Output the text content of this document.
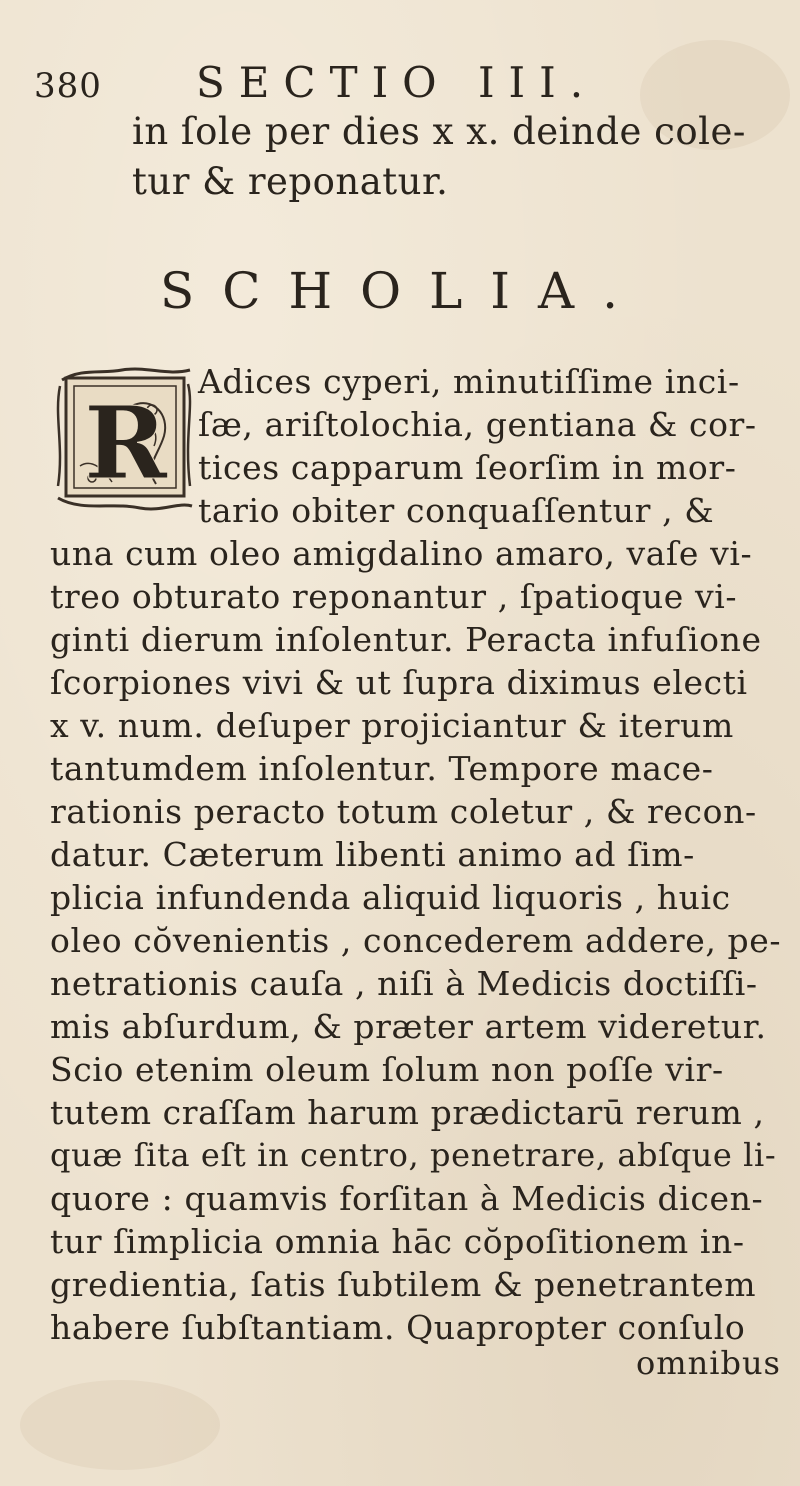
380 SECTIO III.
in ſole per dies x x. deinde cole-
tur & reponatur.
SCHOLIA.
R
Adices cyperi, minutiſſime inci-
ſæ, ariſtolochia, gentiana & cor-
tices capparum ſeorſim in mor-
tario obiter conquaſſentur , &
una cum oleo amigdalino amaro, vaſe vi-
treo obturato reponantur , ſpatioque vi-
ginti dierum inſolentur. Peracta infuſione
ſcorpiones vivi & ut ſupra diximus electi
x v. num. deſuper projiciantur & iterum
tantumdem inſolentur. Tempore mace-
rationis peracto totum coletur , & recon-
datur. Cæterum libenti animo ad ſim-
plicia infundenda aliquid liquoris , huic
oleo cŏvenientis , concederem addere, pe-
netrationis cauſa , niſi à Medicis doctiſſi-
mis abſurdum, & præter artem videretur.
Scio etenim oleum ſolum non poſſe vir-
tutem craſſam harum prædictarū rerum ,
quæ ſita eſt in centro, penetrare, abſque li-
quore : quamvis forſitan à Medicis dicen-
tur ſimplicia omnia hāc cŏpoſitionem in-
gredientia, ſatis ſubtilem & penetrantem
habere ſubſtantiam. Quapropter conſulo
omnibus
